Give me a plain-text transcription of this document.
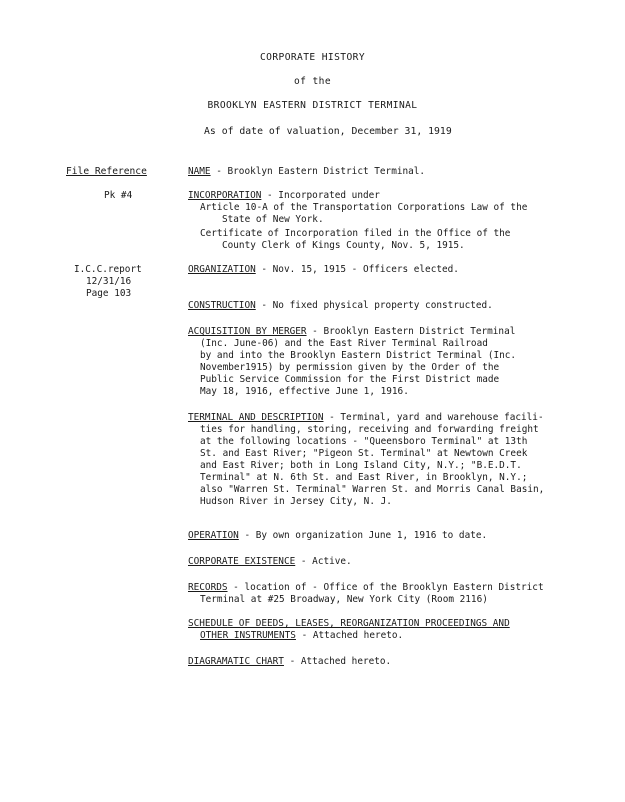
CORPORATE HISTORY
of the
BROOKLYN EASTERN DISTRICT TERMINAL
As of date of valuation, December 31, 1919
File Reference
Pk #4
I.C.C.report
12/31/16
Page 103
NAME - Brooklyn Eastern District Terminal.
INCORPORATION - Incorporated under
Article 10-A of the Transportation Corporations Law of the
State of New York.
Certificate of Incorporation filed in the Office of the
County Clerk of Kings County, Nov. 5, 1915.
ORGANIZATION - Nov. 15, 1915 - Officers elected.
CONSTRUCTION - No fixed physical property constructed.
ACQUISITION BY MERGER - Brooklyn Eastern District Terminal
(Inc. June-06) and the East River Terminal Railroad
by and into the Brooklyn Eastern District Terminal (Inc.
November1915) by permission given by the Order of the
Public Service Commission for the First District made
May 18, 1916, effective June 1, 1916.
TERMINAL AND DESCRIPTION - Terminal, yard and warehouse facili-
ties for handling, storing, receiving and forwarding freight
at the following locations - "Queensboro Terminal" at 13th
St. and East River; "Pigeon St. Terminal" at Newtown Creek
and East River; both in Long Island City, N.Y.; "B.E.D.T.
Terminal" at N. 6th St. and East River, in Brooklyn, N.Y.;
also "Warren St. Terminal" Warren St. and Morris Canal Basin,
Hudson River in Jersey City, N. J.
OPERATION - By own organization June 1, 1916 to date.
CORPORATE EXISTENCE - Active.
RECORDS - location of - Office of the Brooklyn Eastern District
Terminal at #25 Broadway, New York City (Room 2116)
SCHEDULE OF DEEDS, LEASES, REORGANIZATION PROCEEDINGS AND
OTHER INSTRUMENTS - Attached hereto.
DIAGRAMATIC CHART - Attached hereto.
